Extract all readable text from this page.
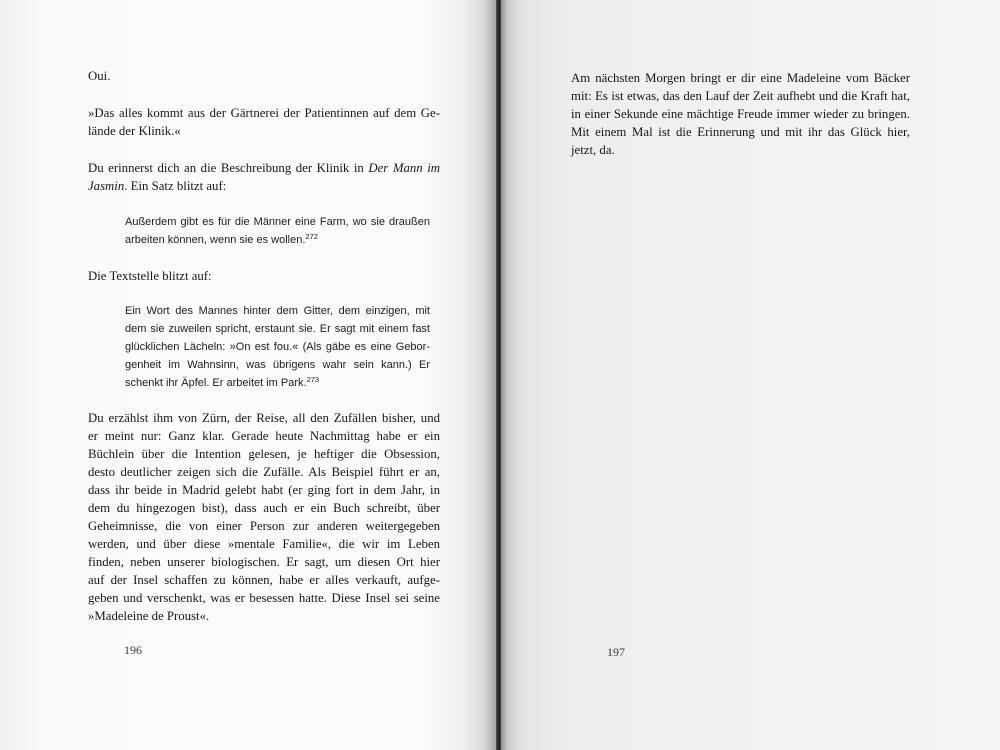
Oui.
»Das alles kommt aus der Gärtnerei der Patientinnen auf dem Ge-
lände der Klinik.«
Du erinnerst dich an die Beschreibung der Klinik in Der Mann im
Jasmin. Ein Satz blitzt auf:
Außerdem gibt es für die Männer eine Farm, wo sie draußen
arbeiten können, wenn sie es wollen.$^{272}$
Die Textstelle blitzt auf:
Ein Wort des Mannes hinter dem Gitter, dem einzigen, mit
dem sie zuweilen spricht, erstaunt sie. Er sagt mit einem fast
glücklichen Lächeln: »On est fou.« (Als gäbe es eine Gebor-
genheit im Wahnsinn, was übrigens wahr sein kann.) Er
schenkt ihr Äpfel. Er arbeitet im Park.$^{273}$
Du erzählst ihm von Zürn, der Reise, all den Zufällen bisher, und
er meint nur: Ganz klar. Gerade heute Nachmittag habe er ein
Büchlein über die Intention gelesen, je heftiger die Obsession,
desto deutlicher zeigen sich die Zufälle. Als Beispiel führt er an,
dass ihr beide in Madrid gelebt habt (er ging fort in dem Jahr, in
dem du hingezogen bist), dass auch er ein Buch schreibt, über
Geheimnisse, die von einer Person zur anderen weitergegeben
werden, und über diese »mentale Familie«, die wir im Leben
finden, neben unserer biologischen. Er sagt, um diesen Ort hier
auf der Insel schaffen zu können, habe er alles verkauft, aufge-
geben und verschenkt, was er besessen hatte. Diese Insel sei seine
»Madeleine de Proust«.
196
Am nächsten Morgen bringt er dir eine Madeleine vom Bäcker
mit: Es ist etwas, das den Lauf der Zeit aufhebt und die Kraft hat,
in einer Sekunde eine mächtige Freude immer wieder zu bringen.
Mit einem Mal ist die Erinnerung und mit ihr das Glück hier,
jetzt, da.
197
